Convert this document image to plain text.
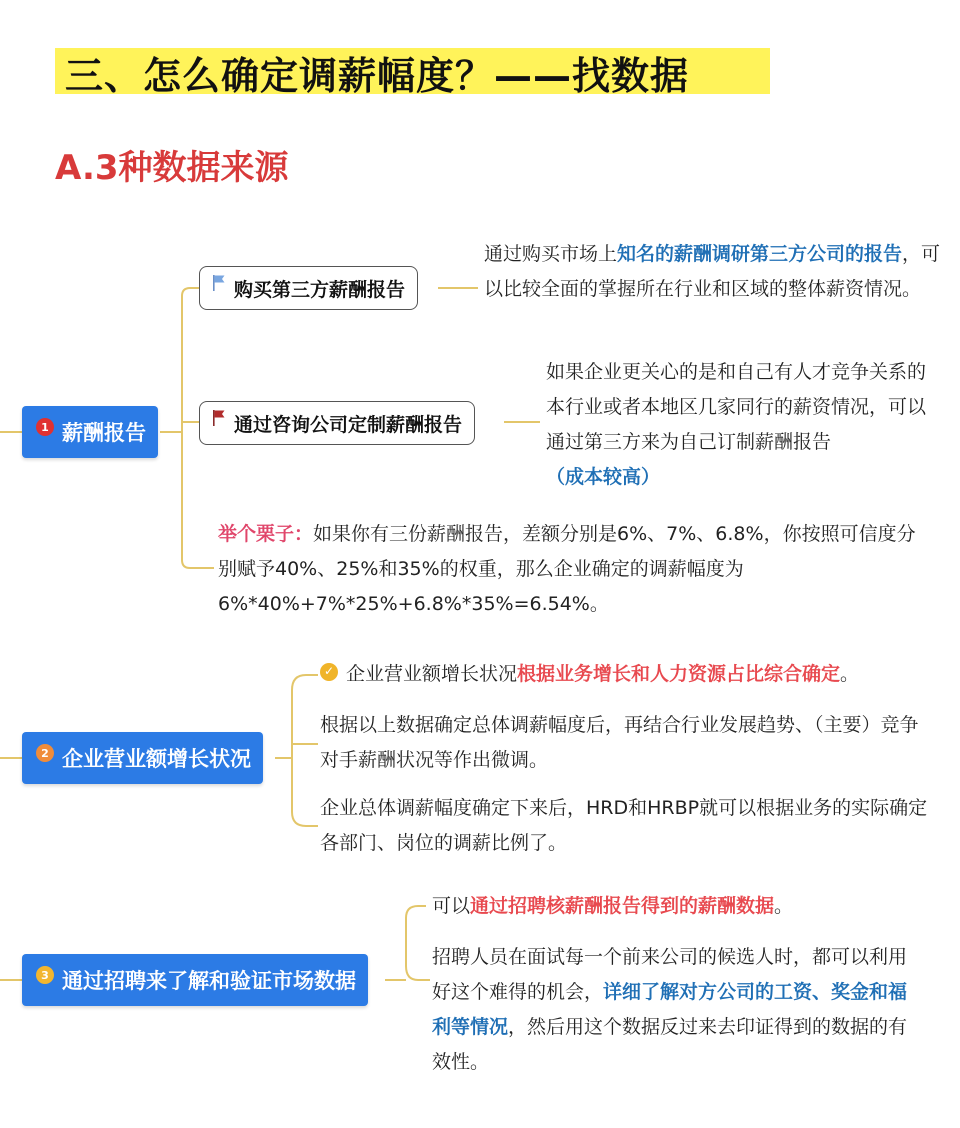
三、怎么确定调薪幅度？——找数据
A.3种数据来源
1 薪酬报告
购买第三方薪酬报告
通过购买市场上知名的薪酬调研第三方公司的报告，可以比较全面的掌握所在行业和区域的整体薪资情况。
通过咨询公司定制薪酬报告
如果企业更关心的是和自己有人才竞争关系的本行业或者本地区几家同行的薪资情况，可以通过第三方来为自己订制薪酬报告（成本较高）
举个栗子：如果你有三份薪酬报告，差额分别是6%、7%、6.8%，你按照可信度分别赋予40%、25%和35%的权重，那么企业确定的调薪幅度为6%*40%+7%*25%+6.8%*35%=6.54%。
2 企业营业额增长状况
✓ 企业营业额增长状况根据业务增长和人力资源占比综合确定。
根据以上数据确定总体调薪幅度后，再结合行业发展趋势、（主要）竞争对手薪酬状况等作出微调。
企业总体调薪幅度确定下来后，HRD和HRBP就可以根据业务的实际确定各部门、岗位的调薪比例了。
3 通过招聘来了解和验证市场数据
可以通过招聘核薪酬报告得到的薪酬数据。
招聘人员在面试每一个前来公司的候选人时，都可以利用好这个难得的机会，详细了解对方公司的工资、奖金和福利等情况，然后用这个数据反过来去印证得到的数据的有效性。
